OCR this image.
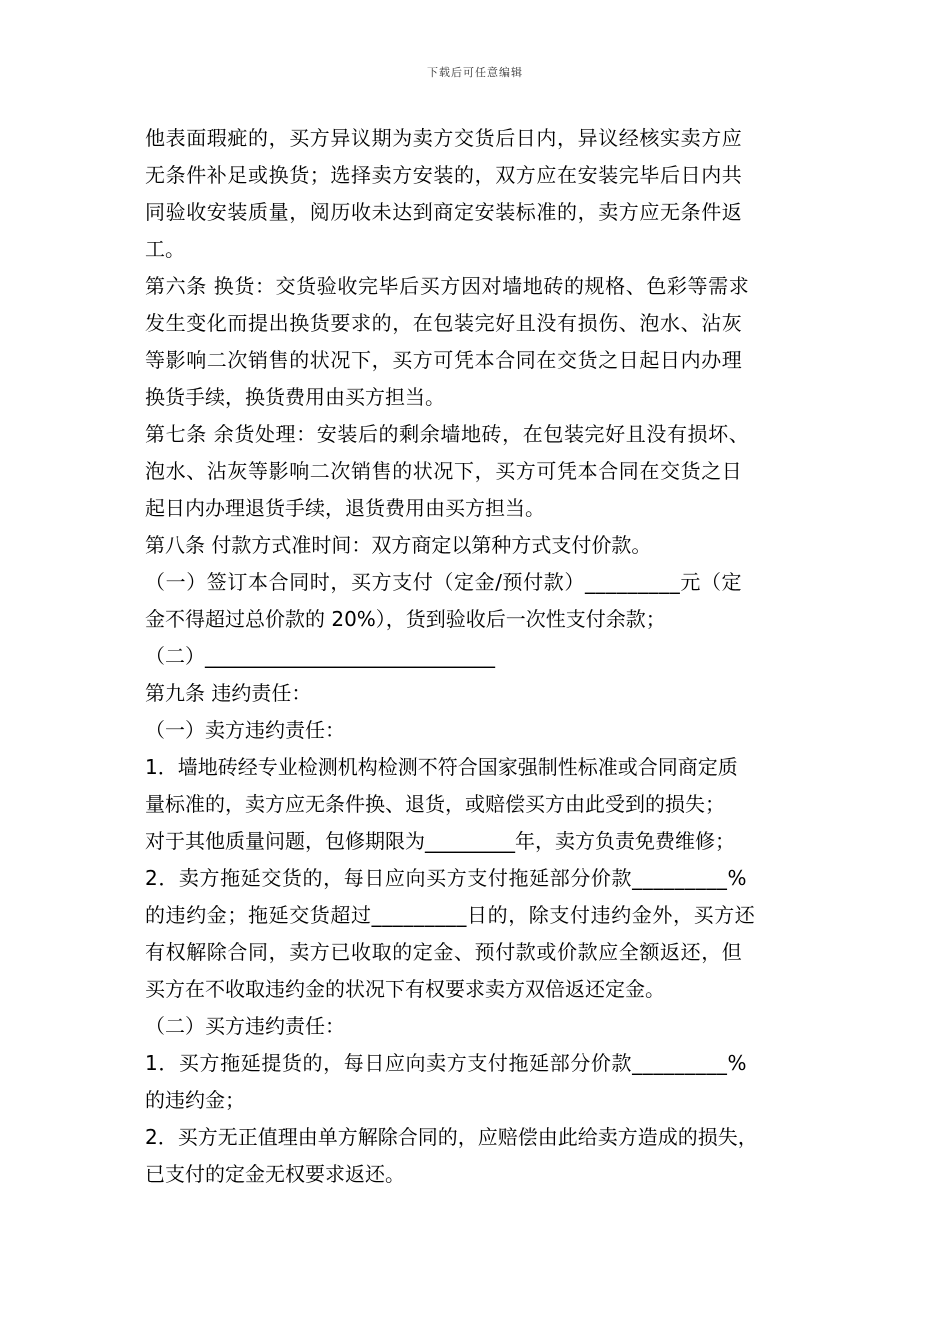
下载后可任意编辑
他表面瑕疵的，买方异议期为卖方交货后日内，异议经核实卖方应
无条件补足或换货；选择卖方安装的，双方应在安装完毕后日内共
同验收安装质量，阅历收未达到商定安装标准的，卖方应无条件返
工。
第六条 换货：交货验收完毕后买方因对墙地砖的规格、色彩等需求
发生变化而提出换货要求的，在包装完好且没有损伤、泡水、沾灰
等影响二次销售的状况下，买方可凭本合同在交货之日起日内办理
换货手续，换货费用由买方担当。
第七条 余货处理：安装后的剩余墙地砖，在包装完好且没有损坏、
泡水、沾灰等影响二次销售的状况下，买方可凭本合同在交货之日
起日内办理退货手续，退货费用由买方担当。
第八条 付款方式准时间：双方商定以第种方式支付价款。
（一）签订本合同时，买方支付（定金/预付款）_________元（定
金不得超过总价款的 20%），货到验收后一次性支付余款；
（二）_____________________________
第九条 违约责任：
（一）卖方违约责任：
1．墙地砖经专业检测机构检测不符合国家强制性标准或合同商定质
量标准的，卖方应无条件换、退货，或赔偿买方由此受到的损失；
对于其他质量问题，包修期限为_________年，卖方负责免费维修；
2．卖方拖延交货的，每日应向买方支付拖延部分价款_________%
的违约金；拖延交货超过_________日的，除支付违约金外，买方还
有权解除合同，卖方已收取的定金、预付款或价款应全额返还，但
买方在不收取违约金的状况下有权要求卖方双倍返还定金。
（二）买方违约责任：
1．买方拖延提货的，每日应向卖方支付拖延部分价款_________%
的违约金；
2．买方无正值理由单方解除合同的，应赔偿由此给卖方造成的损失，
已支付的定金无权要求返还。
